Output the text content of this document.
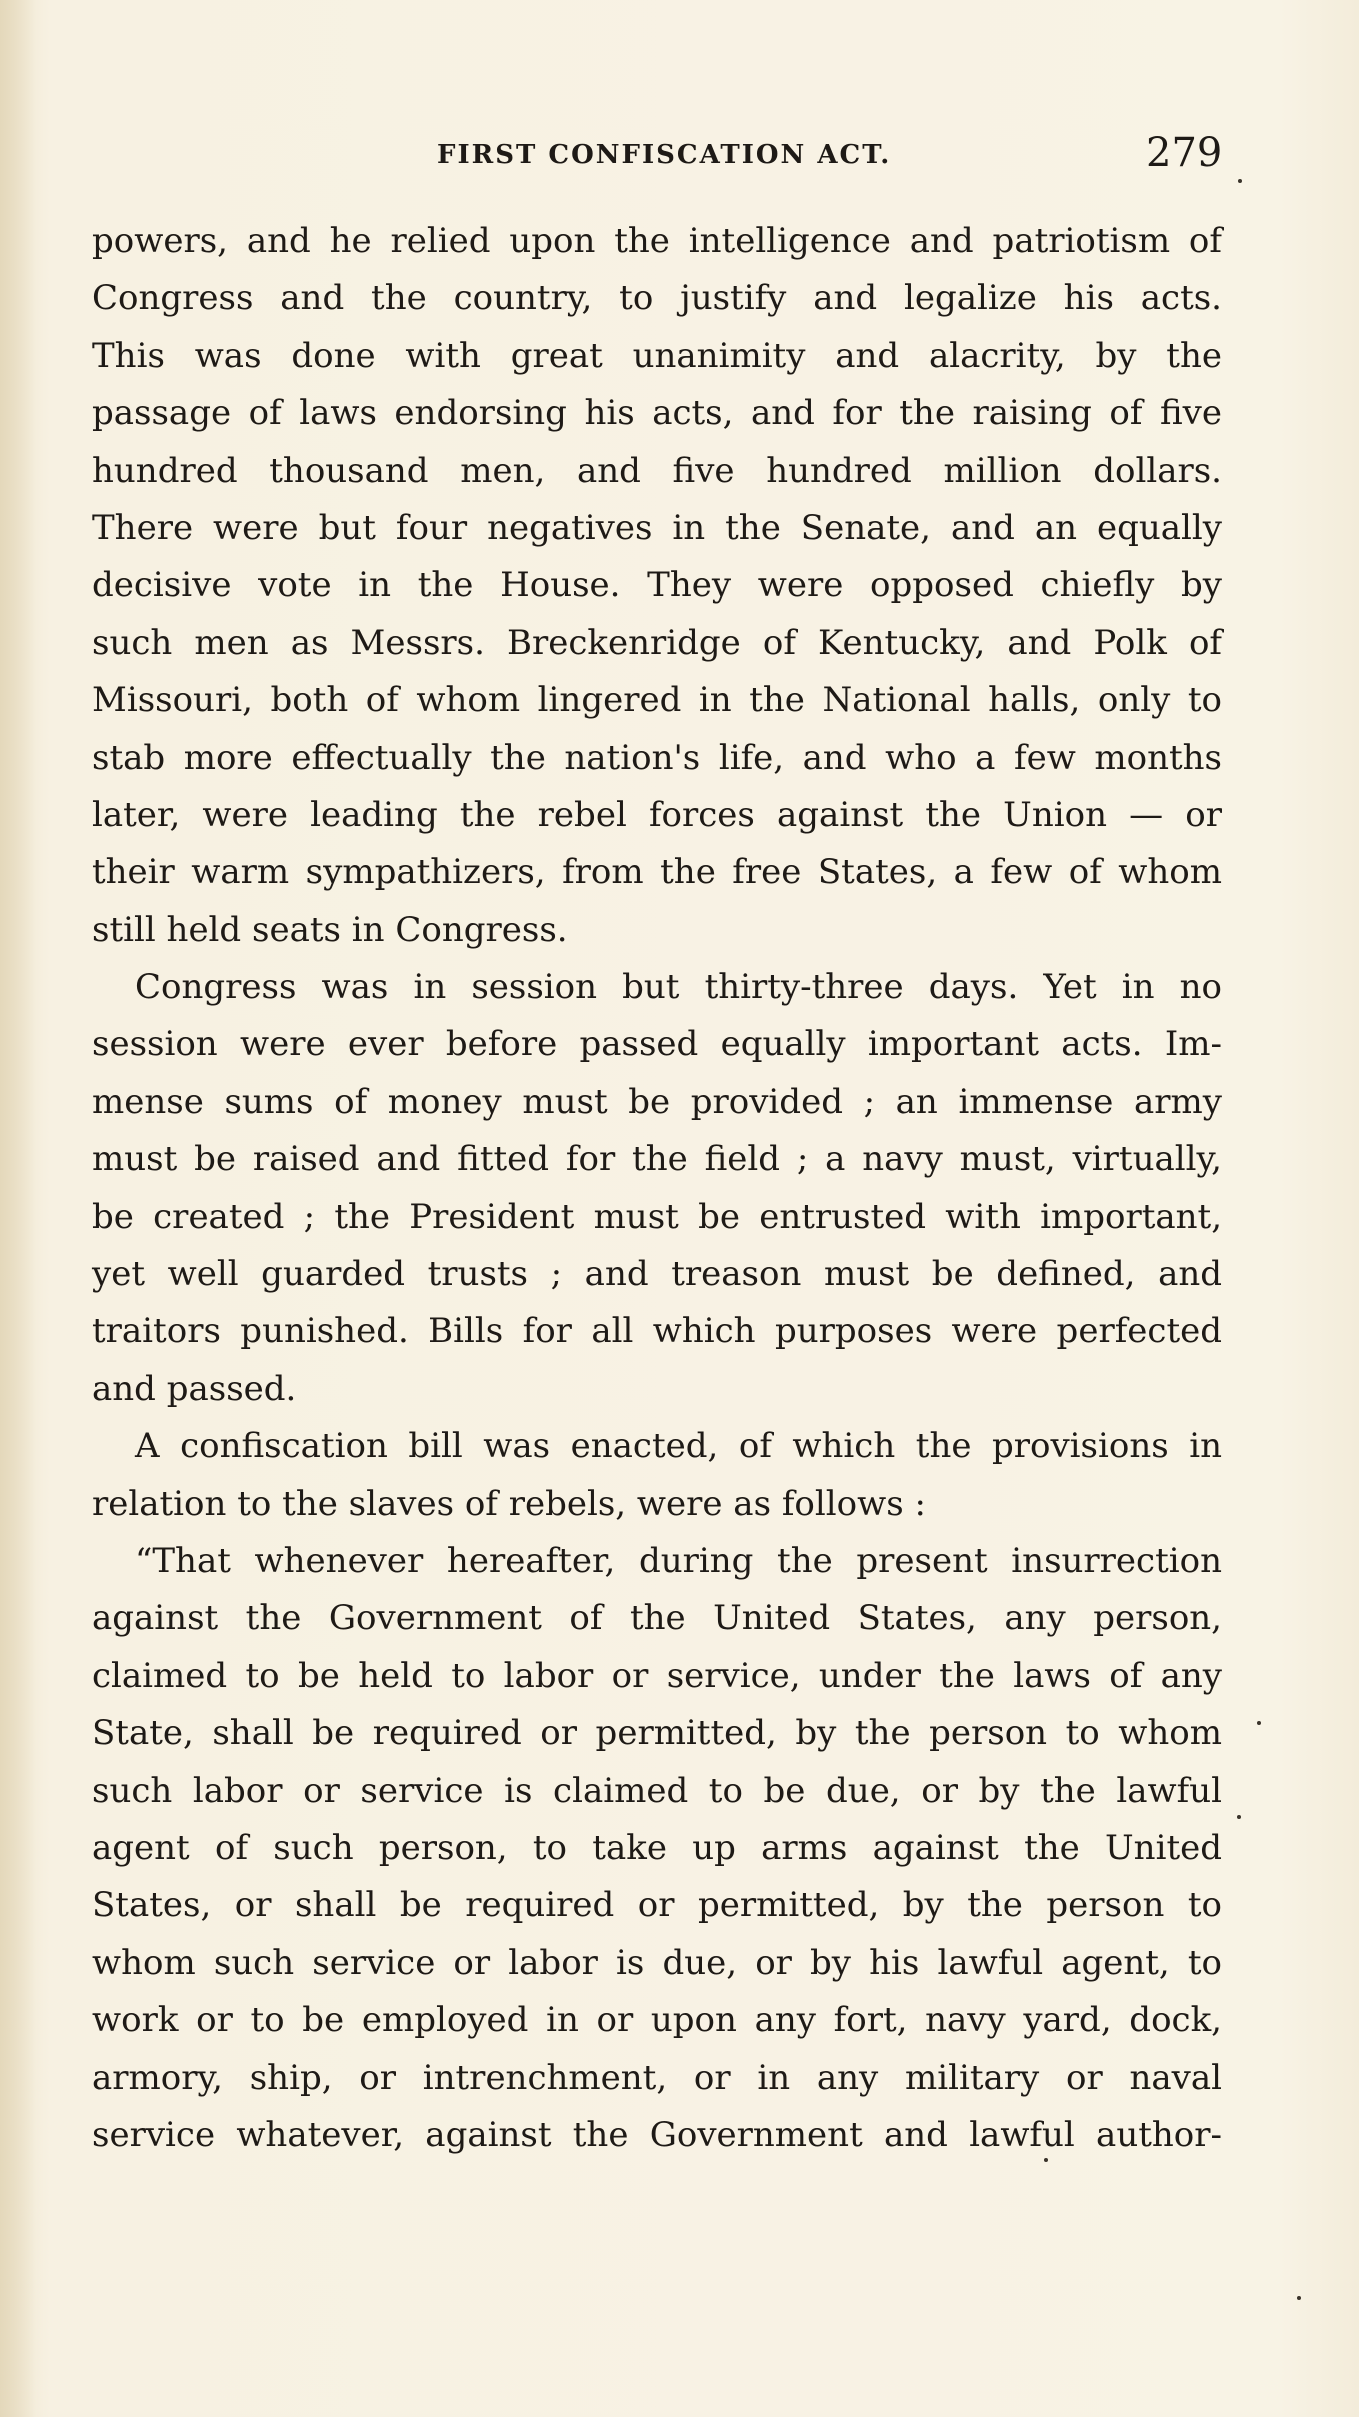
FIRST CONFISCATION ACT.	279
powers, and he relied upon the intelligence and patriotism of
Congress and the country, to justify and legalize his acts.
This was done with great unanimity and alacrity, by the
passage of laws endorsing his acts, and for the raising of five
hundred thousand men, and five hundred million dollars.
There were but four negatives in the Senate, and an equally
decisive vote in the House. They were opposed chiefly by
such men as Messrs. Breckenridge of Kentucky, and Polk of
Missouri, both of whom lingered in the National halls, only to
stab more effectually the nation's life, and who a few months
later, were leading the rebel forces against the Union — or
their warm sympathizers, from the free States, a few of whom
still held seats in Congress.
Congress was in session but thirty-three days. Yet in no
session were ever before passed equally important acts. Im-
mense sums of money must be provided ; an immense army
must be raised and fitted for the field ; a navy must, virtually,
be created ; the President must be entrusted with important,
yet well guarded trusts ; and treason must be defined, and
traitors punished. Bills for all which purposes were perfected
and passed.
A confiscation bill was enacted, of which the provisions in
relation to the slaves of rebels, were as follows :
“That whenever hereafter, during the present insurrection
against the Government of the United States, any person,
claimed to be held to labor or service, under the laws of any
State, shall be required or permitted, by the person to whom
such labor or service is claimed to be due, or by the lawful
agent of such person, to take up arms against the United
States, or shall be required or permitted, by the person to
whom such service or labor is due, or by his lawful agent, to
work or to be employed in or upon any fort, navy yard, dock,
armory, ship, or intrenchment, or in any military or naval
service whatever, against the Government and lawful author-
